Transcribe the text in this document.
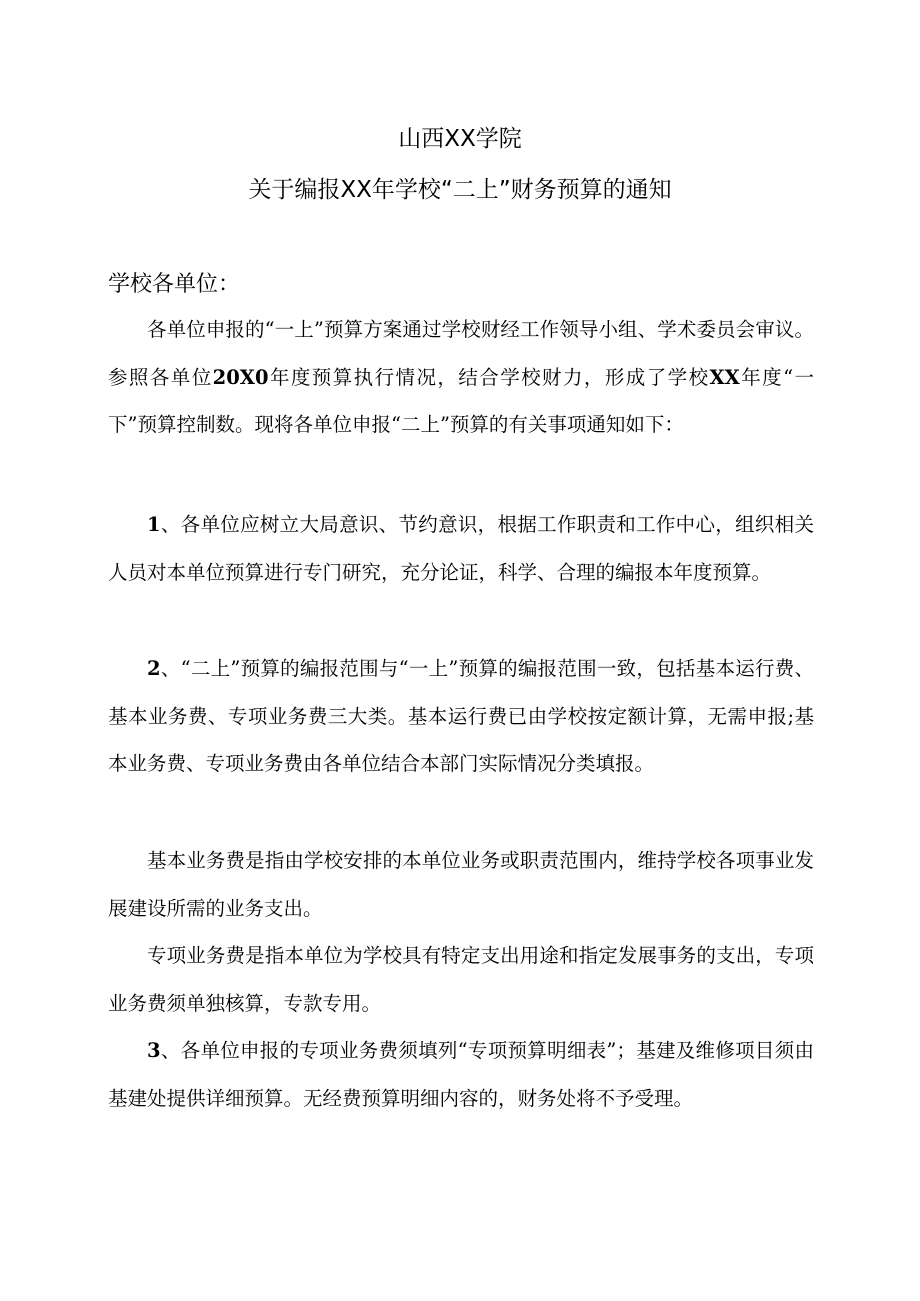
山西XX学院
关于编报XX年学校“二上”财务预算的通知
学校各单位：

各单位申报的“一上”预算方案通过学校财经工作领导小组、学术委员会审议。参照各单位20X0年度预算执行情况，结合学校财力，形成了学校XX年度“一下”预算控制数。现将各单位申报“二上”预算的有关事项通知如下：

1、各单位应树立大局意识、节约意识，根据工作职责和工作中心，组织相关人员对本单位预算进行专门研究，充分论证，科学、合理的编报本年度预算。

2、“二上”预算的编报范围与“一上”预算的编报范围一致，包括基本运行费、基本业务费、专项业务费三大类。基本运行费已由学校按定额计算，无需申报;基本业务费、专项业务费由各单位结合本部门实际情况分类填报。

基本业务费是指由学校安排的本单位业务或职责范围内，维持学校各项事业发展建设所需的业务支出。

专项业务费是指本单位为学校具有特定支出用途和指定发展事务的支出，专项业务费须单独核算，专款专用。

3、各单位申报的专项业务费须填列“专项预算明细表”；基建及维修项目须由基建处提供详细预算。无经费预算明细内容的，财务处将不予受理。
